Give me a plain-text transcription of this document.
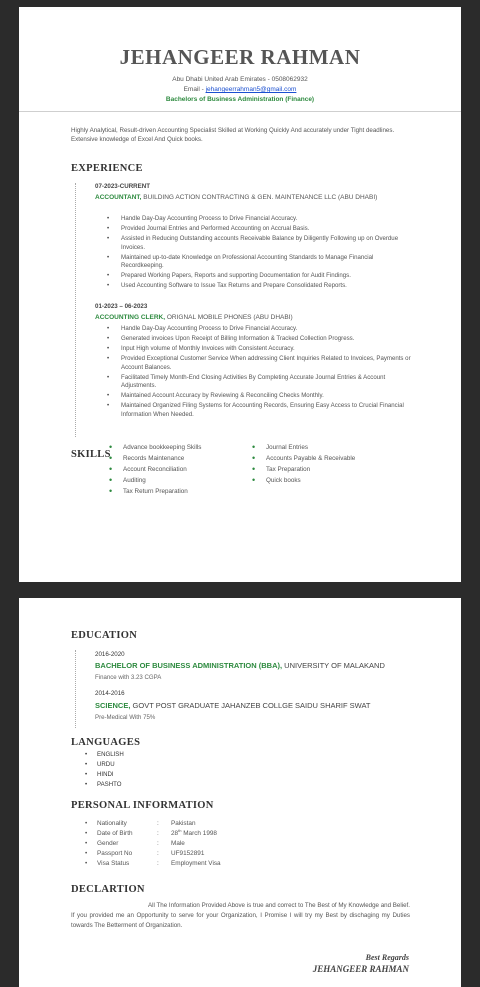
JEHANGEER RAHMAN
Abu Dhabi United Arab Emirates - 0508062932
Email - jehangeerrahman5@gmail.com
Bachelors of Business Administration (Finance)
Highly Analytical, Result-driven Accounting Specialist Skilled at Working Quickly And accurately under Tight deadlines. Extensive knowledge of Excel And Quick books.
EXPERIENCE
07-2023-CURRENT
ACCOUNTANT, BUILDING ACTION CONTRACTING & GEN. MAINTENANCE LLC (ABU DHABI)
• Handle Day-Day Accounting Process to Drive Financial Accuracy.
• Provided Journal Entries and Performed Accounting on Accrual Basis.
• Assisted in Reducing Outstanding accounts Receivable Balance by Diligently Following up on Overdue Invoices.
• Maintained up-to-date Knowledge on Professional Accounting Standards to Manage Financial Recordkeeping.
• Prepared Working Papers, Reports and supporting Documentation for Audit Findings.
• Used Accounting Software to Issue Tax Returns and Prepare Consolidated Reports.
01-2023 – 06-2023
ACCOUNTING CLERK, ORIGNAL MOBILE PHONES (ABU DHABI)
• Handle Day-Day Accounting Process to Drive Financial Accuracy.
• Generated invoices Upon Receipt of Billing Information & Tracked Collection Progress.
• Input High volume of Monthly Invoices with Consistent Accuracy.
• Provided Exceptional Customer Service When addressing Client Inquiries Related to Invoices, Payments or Account Balances.
• Facilitated Timely Month-End Closing Activities By Completing Accurate Journal Entries & Account Adjustments.
• Maintained Account Accuracy by Reviewing & Reconciling Checks Monthly.
• Maintained Organized Filing Systems for Accounting Records, Ensuring Easy Access to Crucial Financial Information When Needed.
SKILLS
• Advance bookkeeping Skills
• Records Maintenance
• Account Reconciliation
• Auditing
• Tax Return Preparation
• Journal Entries
• Accounts Payable & Receivable
• Tax Preparation
• Quick books
EDUCATION
2016-2020
BACHELOR OF BUSINESS ADMINISTRATION (BBA), UNIVERSITY OF MALAKAND
Finance with 3.23 CGPA
2014-2016
SCIENCE, GOVT POST GRADUATE JAHANZEB COLLGE SAIDU SHARIF SWAT
Pre-Medical With 75%
LANGUAGES
• ENGLISH
• URDU
• HINDI
• PASHTO
PERSONAL INFORMATION
• Nationality	: Pakistan
• Date of Birth	: 28th March 1998
• Gender	: Male
• Passport No	: UF9152891
• Visa Status	: Employment Visa
DECLARTION
All The Information Provided Above is true and correct to The Best of My Knowledge and Belief. If you provided me an Opportunity to serve for your Organization, I Promise I will try my Best by dischaging my Duties towards The Betterment of Organization.
Best Regards
JEHANGEER RAHMAN
